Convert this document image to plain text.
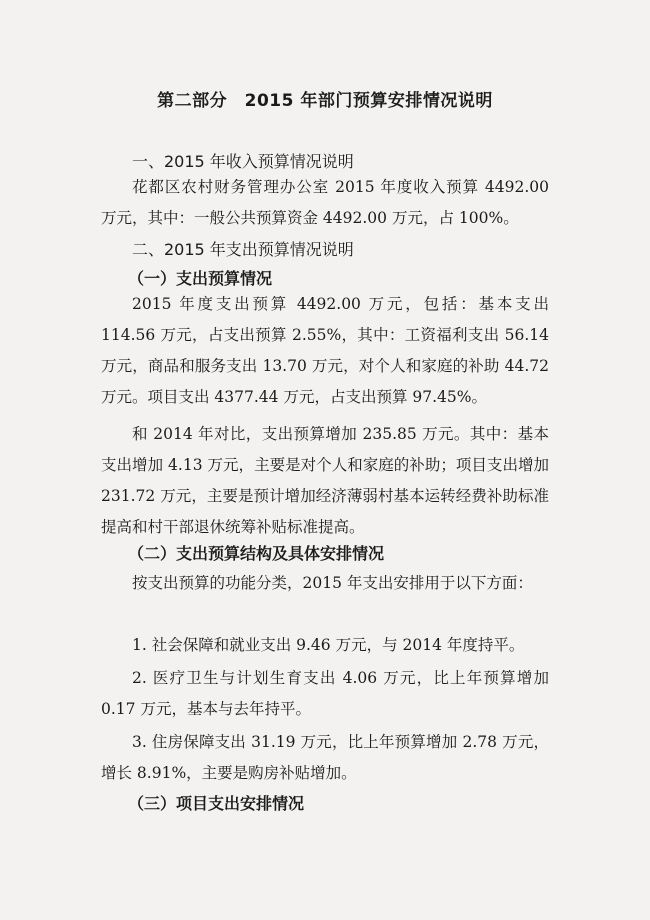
第二部分　2015 年部门预算安排情况说明
一、2015 年收入预算情况说明

花都区农村财务管理办公室 2015 年度收入预算 4492.00 万元，其中：一般公共预算资金 4492.00 万元，占 100%。

二、2015 年支出预算情况说明
（一）支出预算情况

2015 年度支出预算 4492.00 万元，包括：基本支出 114.56 万元，占支出预算 2.55%，其中：工资福利支出 56.14 万元，商品和服务支出 13.70 万元，对个人和家庭的补助 44.72 万元。项目支出 4377.44 万元，占支出预算 97.45%。

和 2014 年对比，支出预算增加 235.85 万元。其中：基本支出增加 4.13 万元，主要是对个人和家庭的补助；项目支出增加 231.72 万元，主要是预计增加经济薄弱村基本运转经费补助标准提高和村干部退休统筹补贴标准提高。

（二）支出预算结构及具体安排情况

按支出预算的功能分类，2015 年支出安排用于以下方面：

1. 社会保障和就业支出 9.46 万元，与 2014 年度持平。

2. 医疗卫生与计划生育支出 4.06 万元，比上年预算增加 0.17 万元，基本与去年持平。

3. 住房保障支出 31.19 万元，比上年预算增加 2.78 万元，增长 8.91%，主要是购房补贴增加。

（三）项目支出安排情况
